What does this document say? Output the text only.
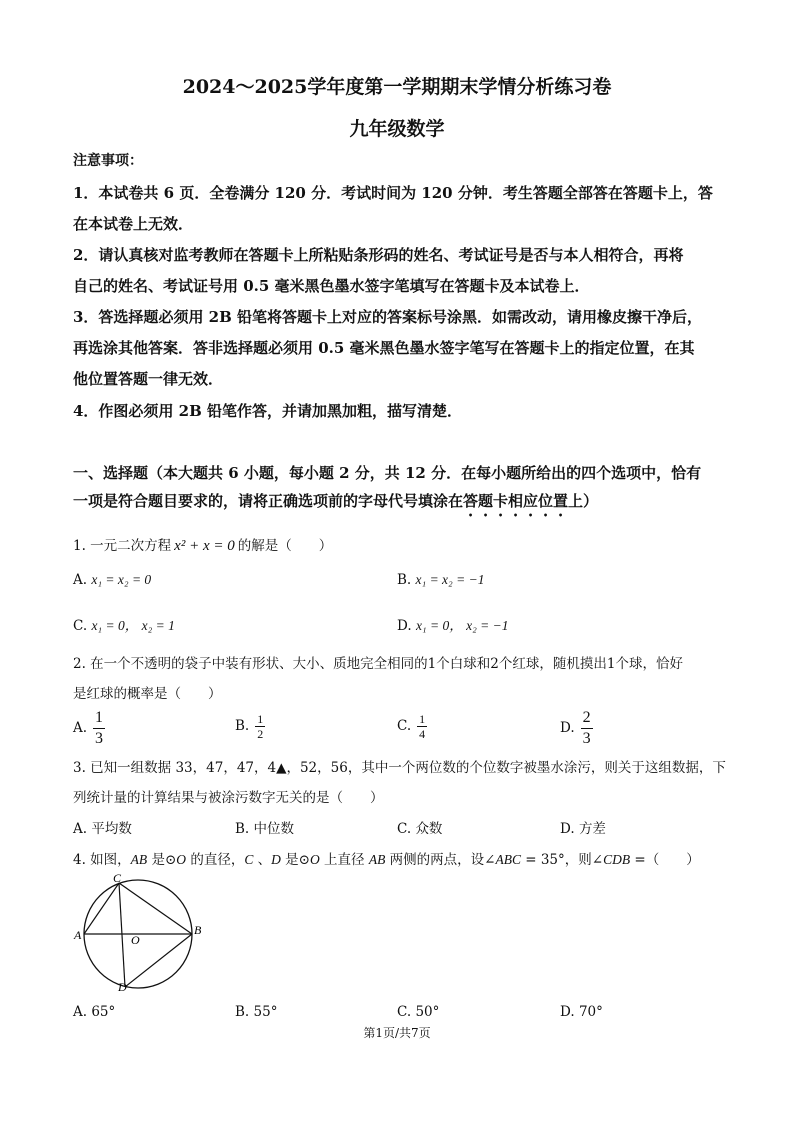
2024～2025学年度第一学期期末学情分析练习卷
九年级数学
注意事项：
1．本试卷共 6 页．全卷满分 120 分．考试时间为 120 分钟．考生答题全部答在答题卡上，答
在本试卷上无效．
2．请认真核对监考教师在答题卡上所粘贴条形码的姓名、考试证号是否与本人相符合，再将
自己的姓名、考试证号用 0.5 毫米黑色墨水签字笔填写在答题卡及本试卷上．
3．答选择题必须用 2B 铅笔将答题卡上对应的答案标号涂黑．如需改动，请用橡皮擦干净后，
再选涂其他答案．答非选择题必须用 0.5 毫米黑色墨水签字笔写在答题卡上的指定位置，在其
他位置答题一律无效．
4．作图必须用 2B 铅笔作答，并请加黑加粗，描写清楚．
一、选择题（本大题共 6 小题，每小题 2 分，共 12 分．在每小题所给出的四个选项中，恰有
一项是符合题目要求的，请将正确选项前的字母代号填涂在答题卡相应位置上）
1. 一元二次方程 x² + x = 0 的解是（　　）
A. x₁ = x₂ = 0	B. x₁ = x₂ = −1
C. x₁ = 0， x₂ = 1	D. x₁ = 0， x₂ = −1
2. 在一个不透明的袋子中装有形状、大小、质地完全相同的1个白球和2个红球，随机摸出1个球，恰好
是红球的概率是（　　）
A. $\frac{1}{3}$	B. $\frac{1}{2}$	C. $\frac{1}{4}$	D. $\frac{2}{3}$
3. 已知一组数据 33，47，47，4▲，52，56，其中一个两位数的个位数字被墨水涂污，则关于这组数据，下
列统计量的计算结果与被涂污数字无关的是（　　）
A. 平均数	B. 中位数	C. 众数	D. 方差
4. 如图，AB 是⊙O 的直径，C 、D 是⊙O 上直径 AB 两侧的两点，设∠ABC = 35°，则∠CDB =（　　）
C
A	B
O
D
A. 65°	B. 55°	C. 50°	D. 70°
第1页/共7页
